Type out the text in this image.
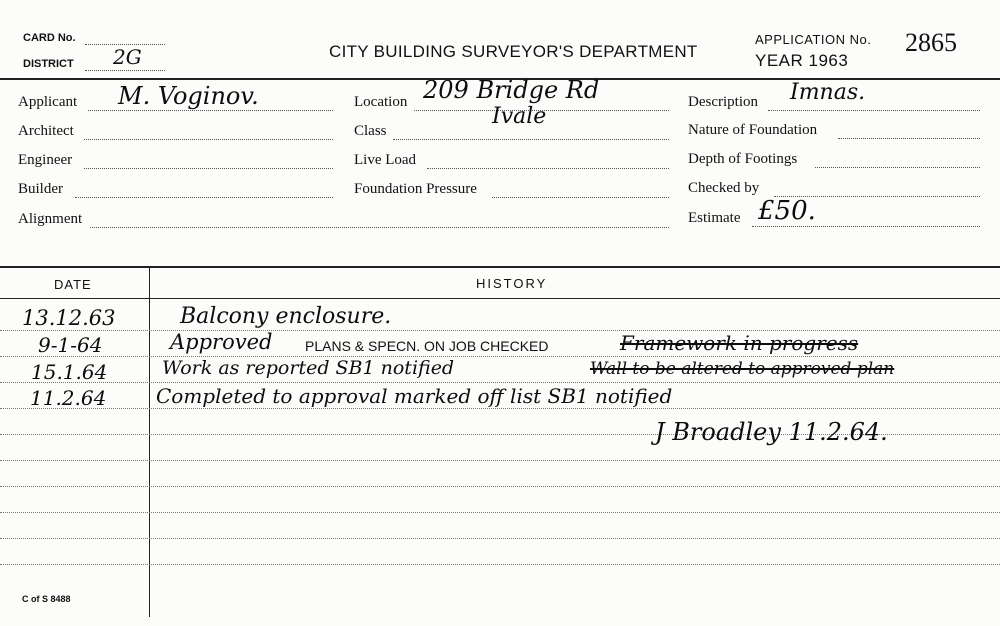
CARD No.
DISTRICT 2G	CITY BUILDING SURVEYOR'S DEPARTMENT
APPLICATION No. 2865
YEAR 1963
Applicant M. Voginov.
Architect
Engineer
Builder
Alignment
Location 209 Bridge Rd
Ivale
Class
Live Load
Foundation Pressure
Description Imnas.
Nature of Foundation
Depth of Footings
Checked by
Estimate £50.
DATE	HISTORY
13.12.63	Balcony enclosure.
9-1-64	Approved PLANS & SPECN. ON JOB CHECKED	Framework in progress
15.1.64	Work as reported SB1 notified	Wall to be altered to approved plan
11.2.64 Completed to approval marked off list SB1 notified
J Broadley 11.2.64.
C of S 8488
